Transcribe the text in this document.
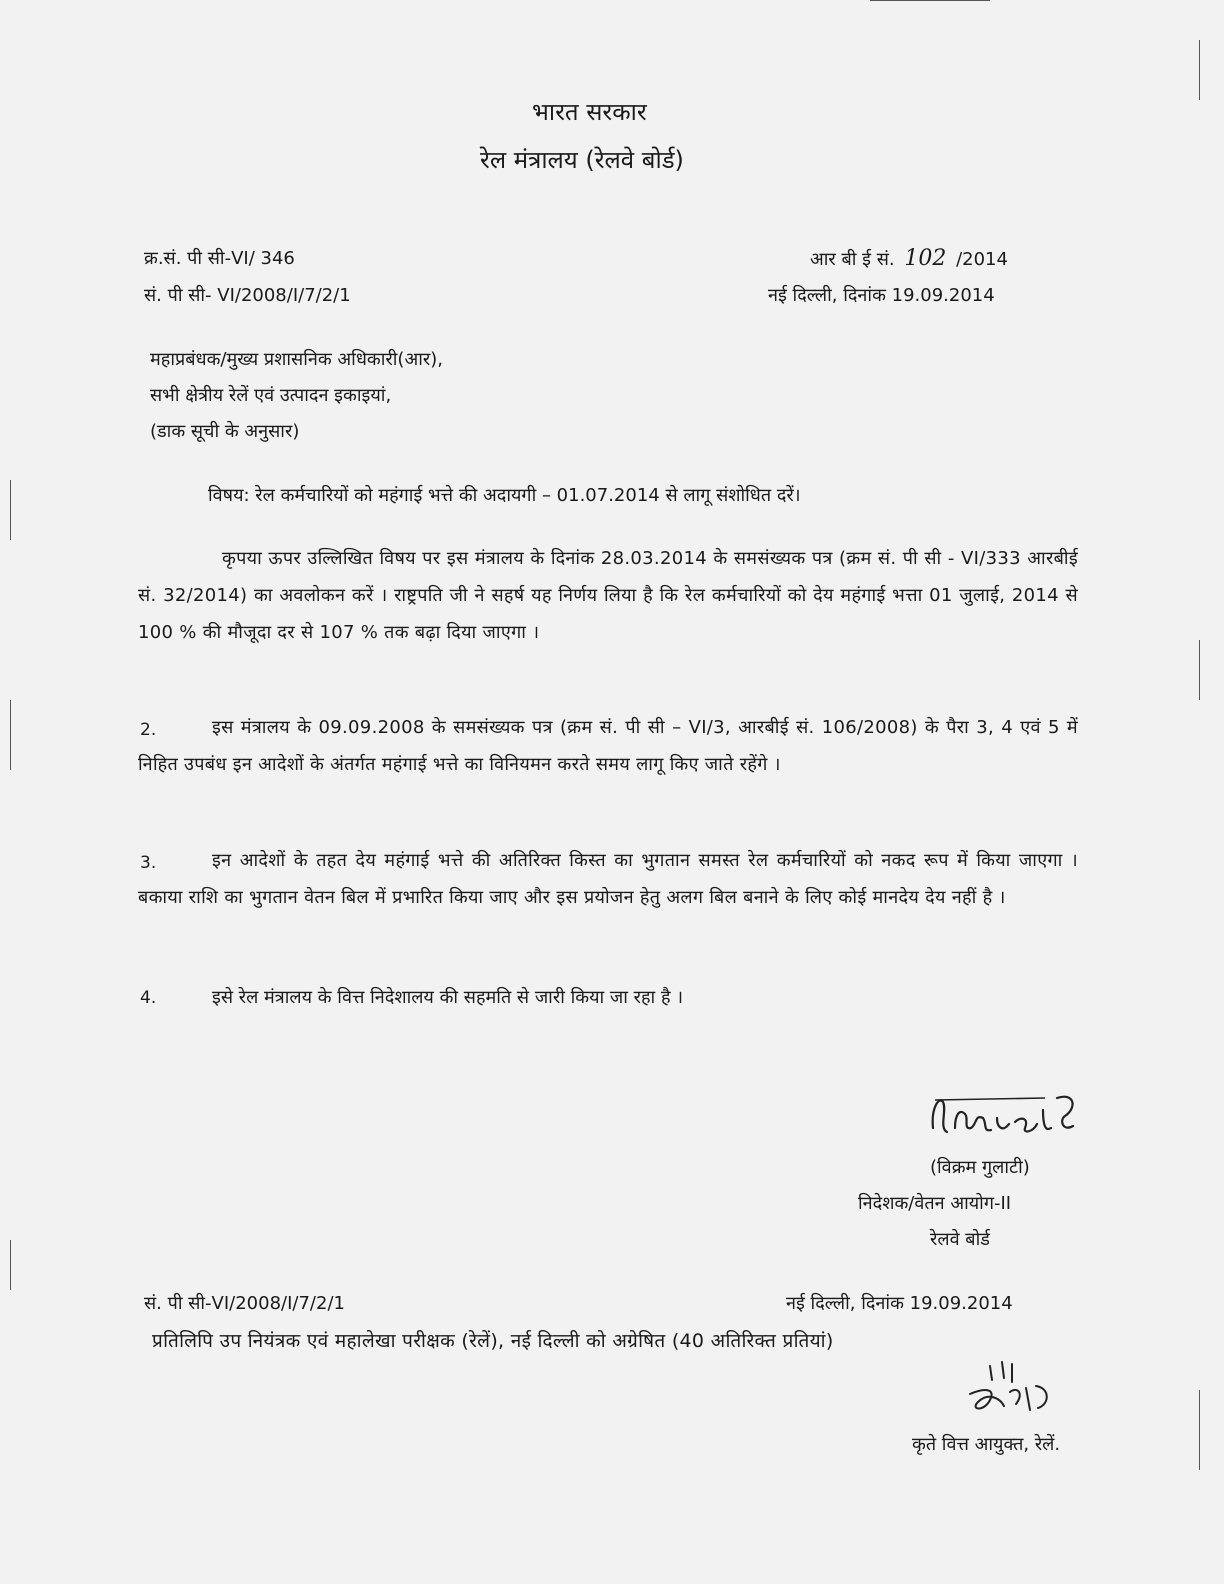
भारत सरकार
रेल मंत्रालय (रेलवे बोर्ड)
क्र.सं. पी सी-VI/ 346
सं. पी सी- VI/2008/I/7/2/1
आर बी ई सं. 102 /2014
नई दिल्ली, दिनांक 19.09.2014
महाप्रबंधक/मुख्य प्रशासनिक अधिकारी(आर),
सभी क्षेत्रीय रेलें एवं उत्पादन इकाइयां,
(डाक सूची के अनुसार)
विषय: रेल कर्मचारियों को महंगाई भत्ते की अदायगी – 01.07.2014 से लागू संशोधित दरें।
कृपया ऊपर उल्लिखित विषय पर इस मंत्रालय के दिनांक 28.03.2014 के समसंख्यक पत्र (क्रम सं. पी सी - VI/333 आरबीई सं. 32/2014) का अवलोकन करें । राष्ट्रपति जी ने सहर्ष यह निर्णय लिया है कि रेल कर्मचारियों को देय महंगाई भत्ता 01 जुलाई, 2014 से 100 % की मौजूदा दर से 107 % तक बढ़ा दिया जाएगा ।
2.	इस मंत्रालय के 09.09.2008 के समसंख्यक पत्र (क्रम सं. पी सी – VI/3, आरबीई सं. 106/2008) के पैरा 3, 4 एवं 5 में निहित उपबंध इन आदेशों के अंतर्गत महंगाई भत्ते का विनियमन करते समय लागू किए जाते रहेंगे ।
3.	इन आदेशों के तहत देय महंगाई भत्ते की अतिरिक्त किस्त का भुगतान समस्त रेल कर्मचारियों को नकद रूप में किया जाएगा । बकाया राशि का भुगतान वेतन बिल में प्रभारित किया जाए और इस प्रयोजन हेतु अलग बिल बनाने के लिए कोई मानदेय देय नहीं है ।
4.	इसे रेल मंत्रालय के वित्त निदेशालय की सहमति से जारी किया जा रहा है ।
(विक्रम गुलाटी)
निदेशक/वेतन आयोग-II
रेलवे बोर्ड
सं. पी सी-VI/2008/I/7/2/1	नई दिल्ली, दिनांक 19.09.2014
प्रतिलिपि उप नियंत्रक एवं महालेखा परीक्षक (रेलें), नई दिल्ली को अग्रेषित (40 अतिरिक्त प्रतियां)
कृते वित्त आयुक्त, रेलें.
